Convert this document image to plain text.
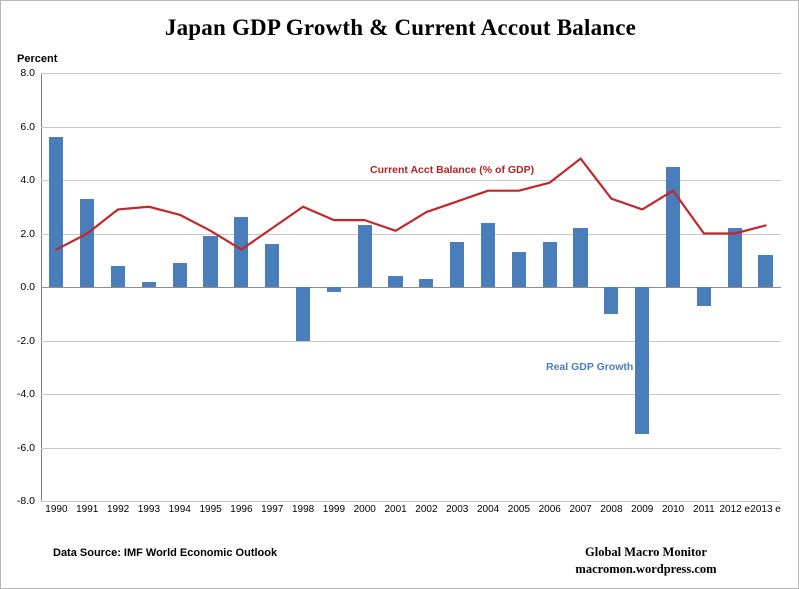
Japan GDP Growth & Current Accout Balance
Percent
8.0
6.0
4.0
2.0
0.0
-2.0
-4.0
-6.0
-8.0
1990 1991 1992 1993 1994 1995 1996 1997 1998 1999 2000 2001 2002 2003 2004 2005 2006 2007 2008 2009 2010 2011 2012 e 2013 e
Current Acct Balance (% of GDP)
Real GDP Growth
Data Source: IMF World Economic Outlook	Global Macro Monitor
macromon.wordpress.com
